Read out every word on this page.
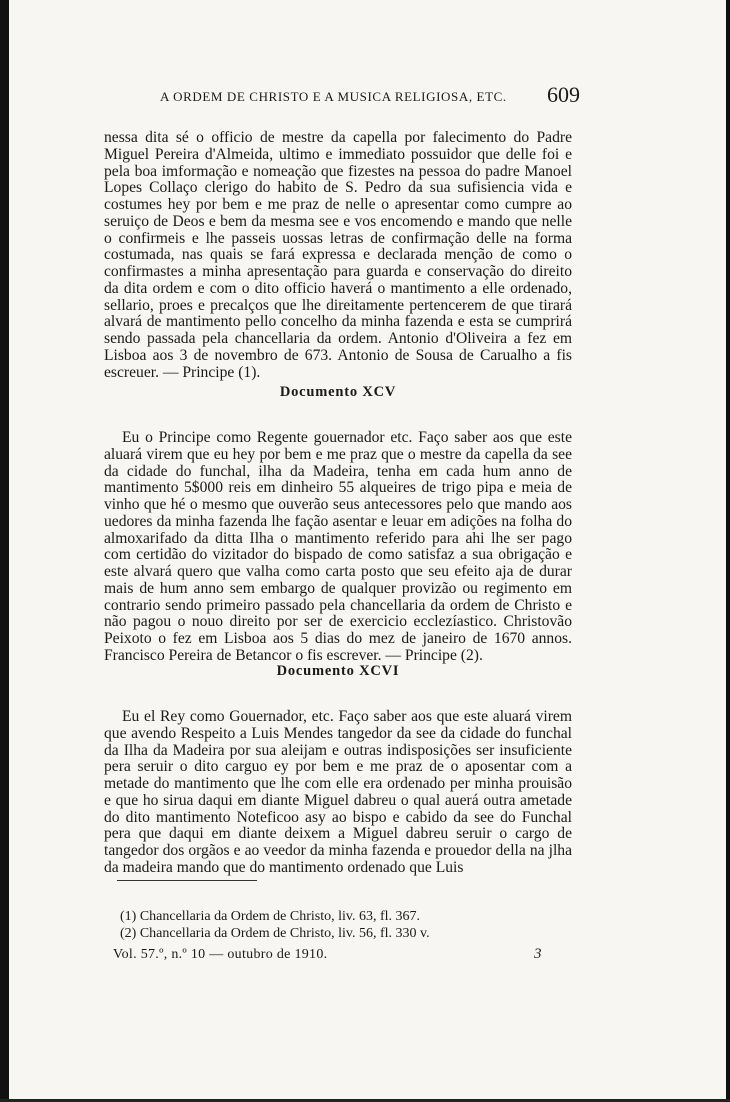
A ORDEM DE CHRISTO E A MUSICA RELIGIOSA, ETC.	609

nessa dita sé o officio de mestre da capella por falecimento do Padre Miguel Pereira d'Almeida, ultimo e immediato possuidor que delle foi e pela boa imformação e nomeação que fizestes na pessoa do padre Manoel Lopes Collaço clerigo do habito de S. Pedro da sua sufisiencia vida e costumes hey por bem e me praz de nelle o apresentar como cumpre ao seruiço de Deos e bem da mesma see e vos encomendo e mando que nelle o confirmeis e lhe passeis uossas letras de confirmação delle na forma costumada, nas quais se fará expressa e declarada menção de como o confirmastes a minha apresentação para guarda e conservação do direito da dita ordem e com o dito officio haverá o mantimento a elle ordenado, sellario, proes e precalços que lhe direitamente pertencerem de que tirará alvará de mantimento pello concelho da minha fazenda e esta se cumprirá sendo passada pela chancellaria da ordem. Antonio d'Oliveira a fez em Lisboa aos 3 de novembro de 673. Antonio de Sousa de Carualho a fis escreuer. — Principe (1).

Documento XCV

Eu o Principe como Regente gouernador etc. Faço saber aos que este aluará virem que eu hey por bem e me praz que o mestre da capella da see da cidade do funchal, ilha da Madeira, tenha em cada hum anno de mantimento 5$000 reis em dinheiro 55 alqueires de trigo pipa e meia de vinho que hé o mesmo que ouverão seus antecessores pelo que mando aos uedores da minha fazenda lhe fação asentar e leuar em adições na folha do almoxarifado da ditta Ilha o mantimento referido para ahi lhe ser pago com certidão do vizitador do bispado de como satisfaz a sua obrigação e este alvará quero que valha como carta posto que seu efeito aja de durar mais de hum anno sem embargo de qualquer provizão ou regimento em contrario sendo primeiro passado pela chancellaria da ordem de Christo e não pagou o nouo direito por ser de exercicio ecclezíastico. Christovão Peixoto o fez em Lisboa aos 5 dias do mez de janeiro de 1670 annos. Francisco Pereira de Betancor o fis escrever. — Principe (2).

Documento XCVI

Eu el Rey como Gouernador, etc. Faço saber aos que este aluará virem que avendo Respeito a Luis Mendes tangedor da see da cidade do funchal da Ilha da Madeira por sua aleijam e outras indisposições ser insuficiente pera seruir o dito carguo ey por bem e me praz de o aposentar com a metade do mantimento que lhe com elle era ordenado per minha prouisão e que ho sirua daqui em diante Miguel dabreu o qual auerá outra ametade do dito mantimento Noteficoo asy ao bispo e cabido da see do Funchal pera que daqui em diante deixem a Miguel dabreu seruir o cargo de tangedor dos orgãos e ao veedor da minha fazenda e prouedor della na jlha da madeira mando que do mantimento ordenado que Luis

(1) Chancellaria da Ordem de Christo, liv. 63, fl. 367.

(2) Chancellaria da Ordem de Christo, liv. 56, fl. 330 v.

Vol. 57.º, n.º 10 — outubro de 1910.	3
